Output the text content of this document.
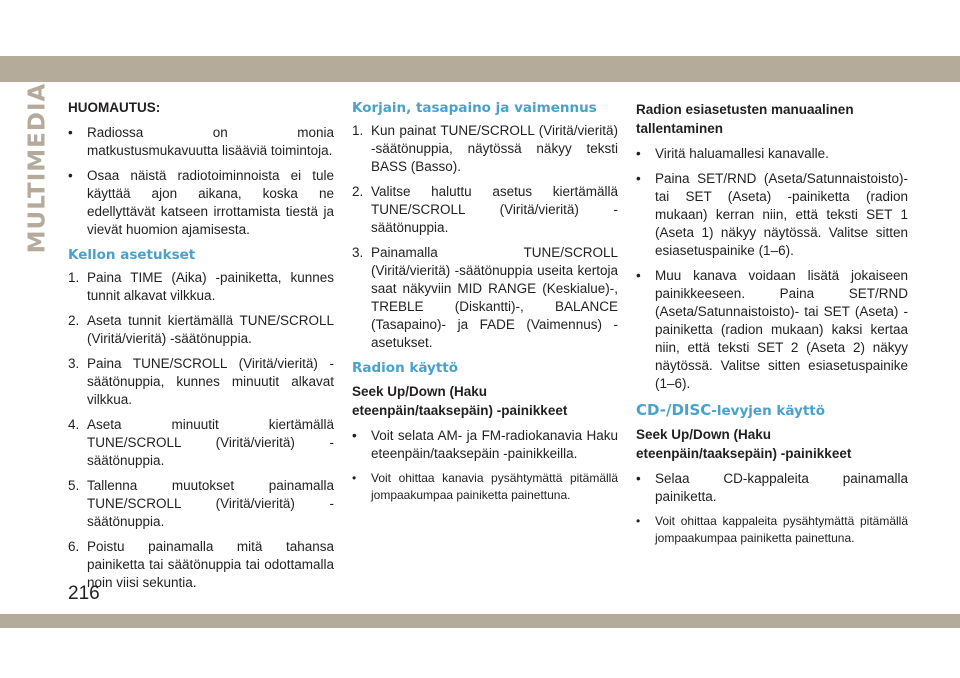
MULTIMEDIA HUOMAUTUS:
• Radiossa on monia matkustusmukavuutta lisääviä toimintoja.
• Osaa näistä radiotoiminnoista ei tule käyttää ajon aikana, koska ne edellyttävät katseen irrottamista tiestä ja vievät huomion ajamisesta.
Kellon asetukset
1. Paina TIME (Aika) -painiketta, kunnes tunnit alkavat vilkkua.
2. Aseta tunnit kiertämällä TUNE/SCROLL (Viritä/vieritä) -säätönuppia.
3. Paina TUNE/SCROLL (Viritä/vieritä) -säätönuppia, kunnes minuutit alkavat vilkkua.
4. Aseta minuutit kiertämällä TUNE/SCROLL (Viritä/vieritä) -säätönuppia.
5. Tallenna muutokset painamalla TUNE/SCROLL (Viritä/vieritä) -säätönuppia.
6. Poistu painamalla mitä tahansa painiketta tai säätönuppia tai odottamalla noin viisi sekuntia.
Korjain, tasapaino ja vaimennus
1. Kun painat TUNE/SCROLL (Viritä/vieritä) -säätönuppia, näytössä näkyy teksti BASS (Basso).
2. Valitse haluttu asetus kiertämällä TUNE/SCROLL (Viritä/vieritä) -säätönuppia.
3. Painamalla TUNE/SCROLL (Viritä/vieritä) -säätönuppia useita kertoja saat näkyviin MID RANGE (Keskialue)-, TREBLE (Diskantti)-, BALANCE (Tasapaino)- ja FADE (Vaimennus) -asetukset.
Radion käyttö
Seek Up/Down (Haku eteenpäin/taaksepäin) -painikkeet
• Voit selata AM- ja FM-radiokanavia Haku eteenpäin/taaksepäin -painikkeilla.
• Voit ohittaa kanavia pysähtymättä pitämällä jompaakumpaa painiketta painettuna.
Radion esiasetusten manuaalinen tallentaminen
• Viritä haluamallesi kanavalle.
• Paina SET/RND (Aseta/Satunnaistoisto)- tai SET (Aseta) -painiketta (radion mukaan) kerran niin, että teksti SET 1 (Aseta 1) näkyy näytössä. Valitse sitten esiasetuspainike (1–6).
• Muu kanava voidaan lisätä jokaiseen painikkeeseen. Paina SET/RND (Aseta/Satunnaistoisto)- tai SET (Aseta) -painiketta (radion mukaan) kaksi kertaa niin, että teksti SET 2 (Aseta 2) näkyy näytössä. Valitse sitten esiasetuspainike (1–6).
CD-/DISC-levyjen käyttö
Seek Up/Down (Haku eteenpäin/taaksepäin) -painikkeet
• Selaa CD-kappaleita painamalla painiketta.
• Voit ohittaa kappaleita pysähtymättä pitämällä jompaakumpaa painiketta painettuna.
216
